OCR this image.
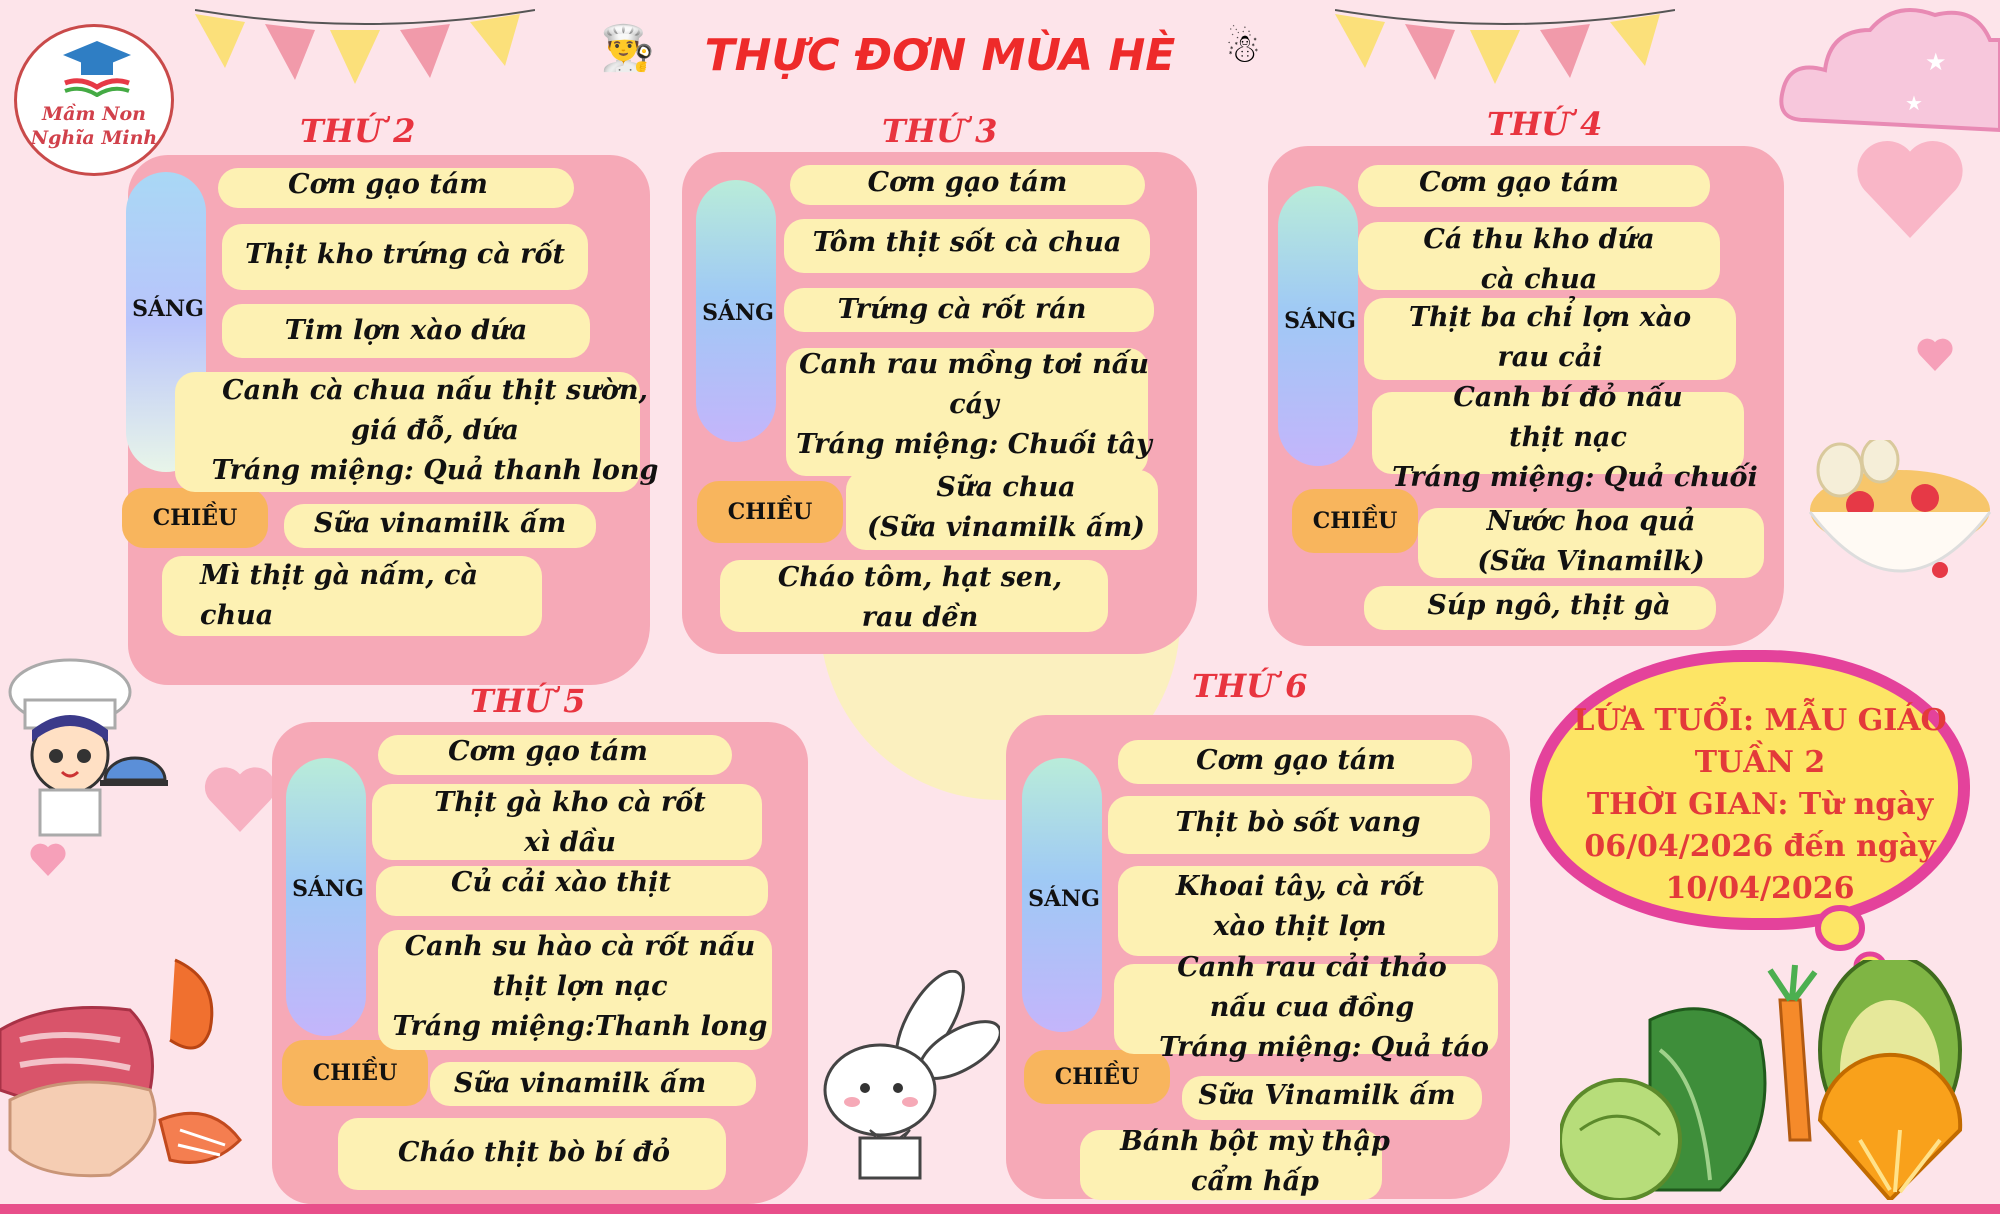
★
★
Mầm Non
Nghĩa Minh
THỰC ĐƠN MÙA HÈ
👨‍🍳	☃
THỨ 2
SÁNG
CHIỀU
Cơm gạo tám
Thịt kho trứng cà rốt
Tim lợn xào dứa
Canh cà chua nấu thịt sườn,
giá đỗ, dứa
Tráng miệng: Quả thanh long
Sữa vinamilk ấm
Mì thịt gà nấm, cà
chua
THỨ 3
SÁNG
CHIỀU
Cơm gạo tám
Tôm thịt sốt cà chua
Trứng cà rốt rán
Canh rau mồng tơi nấu
cáy
Tráng miệng: Chuối tây
Sữa chua
(Sữa vinamilk ấm)
Cháo tôm, hạt sen,
rau dền
THỨ 4
SÁNG
CHIỀU
Cơm gạo tám
Cá thu kho dứa
cà chua
Thịt ba chỉ lợn xào
rau cải
Canh bí đỏ nấu
thịt nạc
Tráng miệng: Quả chuối
Nước hoa quả
(Sữa Vinamilk)
Súp ngô, thịt gà
THỨ 5
SÁNG
CHIỀU
Cơm gạo tám
Thịt gà kho cà rốt
xì dầu
Củ cải xào thịt
Canh su hào cà rốt nấu
thịt lợn nạc
Tráng miệng:Thanh long
Sữa vinamilk ấm
Cháo thịt bò bí đỏ
THỨ 6
SÁNG
CHIỀU
Cơm gạo tám
Thịt bò sốt vang
Khoai tây, cà rốt
xào thịt lợn
Canh rau cải thảo
nấu cua đồng
Tráng miệng: Quả táo
Sữa Vinamilk ấm
Bánh bột mỳ thập
cẩm hấp
LỨA TUỔI: MẪU GIÁO
TUẦN 2
THỜI GIAN: Từ ngày
06/04/2026 đến ngày
10/04/2026
